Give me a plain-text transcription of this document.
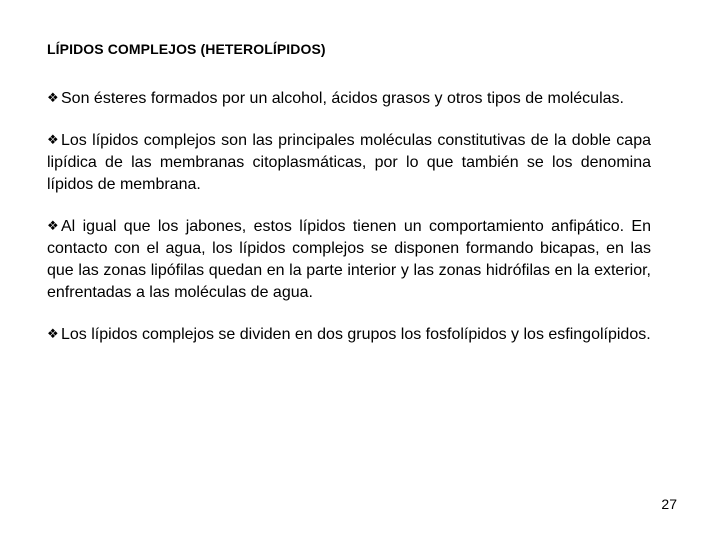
LÍPIDOS COMPLEJOS (HETEROLÍPIDOS)

❖ Son ésteres formados por un alcohol, ácidos grasos y otros tipos de moléculas.

❖ Los lípidos complejos son las principales moléculas constitutivas de la doble capa lipídica de las membranas citoplasmáticas, por lo que también se los denomina lípidos de membrana.

❖ Al igual que los jabones, estos lípidos tienen un comportamiento anfipático. En contacto con el agua, los lípidos complejos se disponen formando bicapas, en las que las zonas lipófilas quedan en la parte interior y las zonas hidrófilas en la exterior, enfrentadas a las moléculas de agua.

❖ Los lípidos complejos se dividen en dos grupos los fosfolípidos y los esfingolípidos.

27
